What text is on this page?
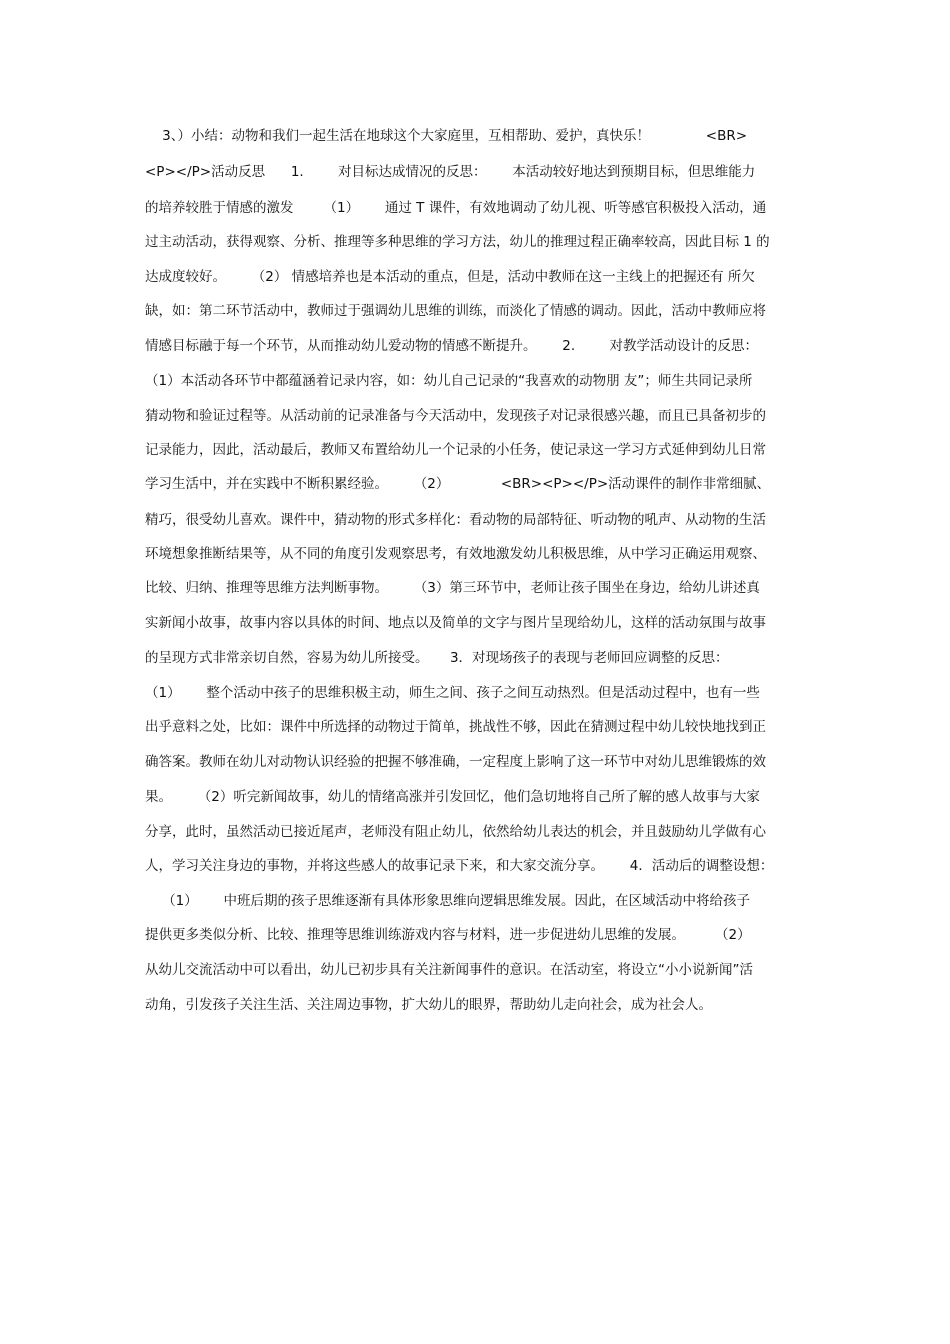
3、）小结：动物和我们一起生活在地球这个大家庭里，互相帮助、爱护，真快乐！             <BR>
<P></P>活动反思      1.        对目标达成情况的反思：      本活动较好地达到预期目标，但思维能力
的培养较胜于情感的激发       （1）      通过 T 课件，有效地调动了幼儿视、听等感官积极投入活动，通
过主动活动，获得观察、分析、推理等多种思维的学习方法，幼儿的推理过程正确率较高，因此目标 1 的
达成度较好。      （2） 情感培养也是本活动的重点，但是，活动中教师在这一主线上的把握还有 所欠
缺，如：第二环节活动中，教师过于强调幼儿思维的训练，而淡化了情感的调动。因此，活动中教师应将
情感目标融于每一个环节，从而推动幼儿爱动物的情感不断提升。      2.        对教学活动设计的反思：
（1）本活动各环节中都蕴涵着记录内容，如：幼儿自己记录的“我喜欢的动物朋 友”；师生共同记录所
猜动物和验证过程等。从活动前的记录准备与今天活动中，发现孩子对记录很感兴趣，而且已具备初步的
记录能力，因此，活动最后，教师又布置给幼儿一个记录的小任务，使记录这一学习方式延伸到幼儿日常
学习生活中，并在实践中不断积累经验。      （2）            <BR><P></P>活动课件的制作非常细腻、
精巧，很受幼儿喜欢。课件中，猜动物的形式多样化：看动物的局部特征、听动物的吼声、从动物的生活
环境想象推断结果等，从不同的角度引发观察思考，有效地激发幼儿积极思维，从中学习正确运用观察、
比较、归纳、推理等思维方法判断事物。      （3）第三环节中，老师让孩子围坐在身边，给幼儿讲述真
实新闻小故事，故事内容以具体的时间、地点以及简单的文字与图片呈现给幼儿，这样的活动氛围与故事
的呈现方式非常亲切自然，容易为幼儿所接受。     3．对现场孩子的表现与老师回应调整的反思：
（1）      整个活动中孩子的思维积极主动，师生之间、孩子之间互动热烈。但是活动过程中，也有一些
出乎意料之处，比如：课件中所选择的动物过于简单，挑战性不够，因此在猜测过程中幼儿较快地找到正
确答案。教师在幼儿对动物认识经验的把握不够准确，一定程度上影响了这一环节中对幼儿思维锻炼的效
果。      （2）听完新闻故事，幼儿的情绪高涨并引发回忆，他们急切地将自己所了解的感人故事与大家
分享，此时，虽然活动已接近尾声，老师没有阻止幼儿，依然给幼儿表达的机会，并且鼓励幼儿学做有心
人，学习关注身边的事物，并将这些感人的故事记录下来，和大家交流分享。      4．活动后的调整设想：
（1）      中班后期的孩子思维逐渐有具体形象思维向逻辑思维发展。因此，在区域活动中将给孩子
提供更多类似分析、比较、推理等思维训练游戏内容与材料，进一步促进幼儿思维的发展。       （2）
从幼儿交流活动中可以看出，幼儿已初步具有关注新闻事件的意识。在活动室，将设立“小小说新闻”活
动角，引发孩子关注生活、关注周边事物，扩大幼儿的眼界，帮助幼儿走向社会，成为社会人。
